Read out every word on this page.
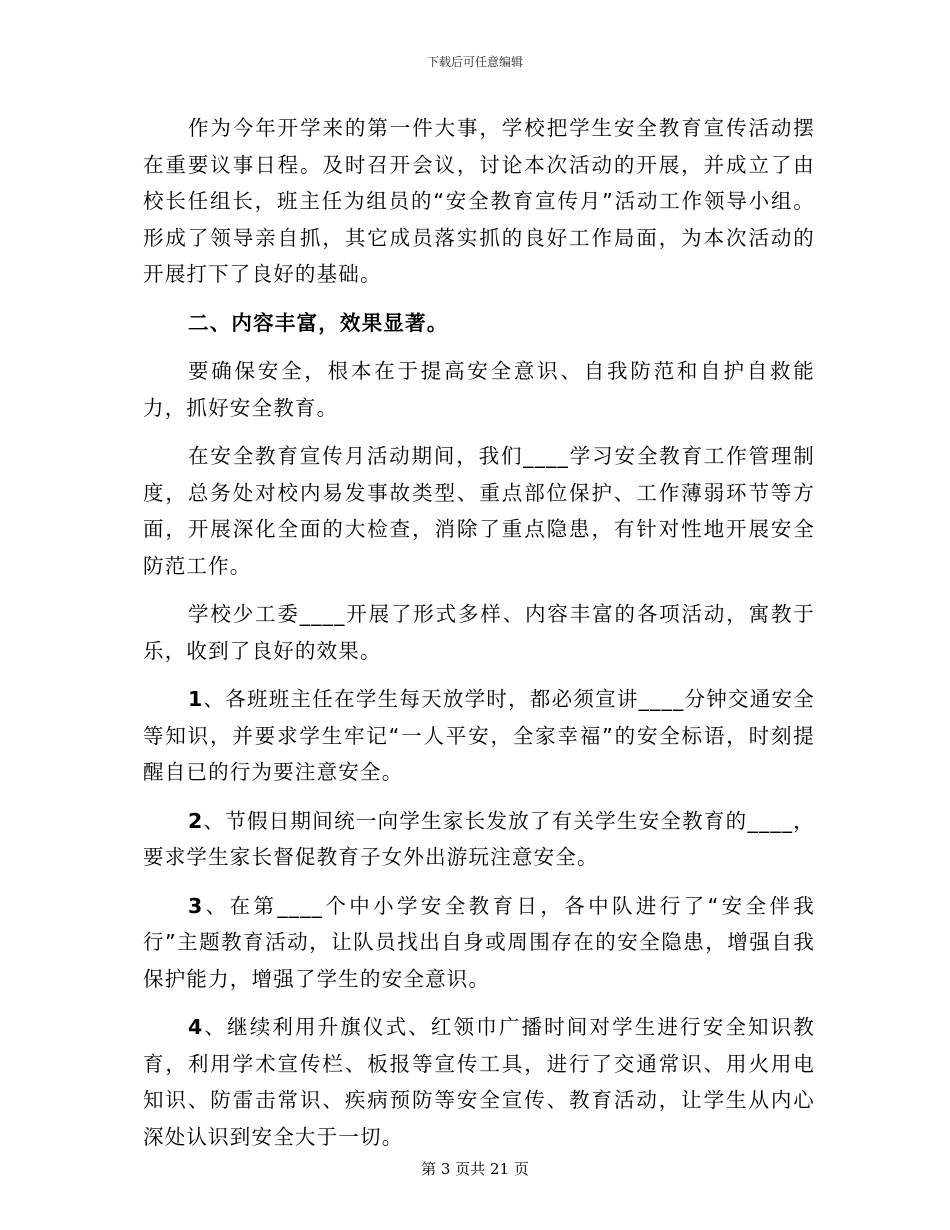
下载后可任意编辑

作为今年开学来的第一件大事，学校把学生安全教育宣传活动摆在重要议事日程。及时召开会议，讨论本次活动的开展，并成立了由校长任组长，班主任为组员的“安全教育宣传月”活动工作领导小组。形成了领导亲自抓，其它成员落实抓的良好工作局面，为本次活动的开展打下了良好的基础。

二、内容丰富，效果显著。

要确保安全，根本在于提高安全意识、自我防范和自护自救能力，抓好安全教育。

在安全教育宣传月活动期间，我们____学习安全教育工作管理制度，总务处对校内易发事故类型、重点部位保护、工作薄弱环节等方面，开展深化全面的大检查，消除了重点隐患，有针对性地开展安全防范工作。

学校少工委____开展了形式多样、内容丰富的各项活动，寓教于乐，收到了良好的效果。

1、各班班主任在学生每天放学时，都必须宣讲____分钟交通安全等知识，并要求学生牢记“一人平安，全家幸福”的安全标语，时刻提醒自已的行为要注意安全。

2、节假日期间统一向学生家长发放了有关学生安全教育的____，要求学生家长督促教育子女外出游玩注意安全。

3、在第____个中小学安全教育日，各中队进行了“安全伴我行”主题教育活动，让队员找出自身或周围存在的安全隐患，增强自我保护能力，增强了学生的安全意识。

4、继续利用升旗仪式、红领巾广播时间对学生进行安全知识教育，利用学术宣传栏、板报等宣传工具，进行了交通常识、用火用电知识、防雷击常识、疾病预防等安全宣传、教育活动，让学生从内心深处认识到安全大于一切。

第 3 页共 21 页
